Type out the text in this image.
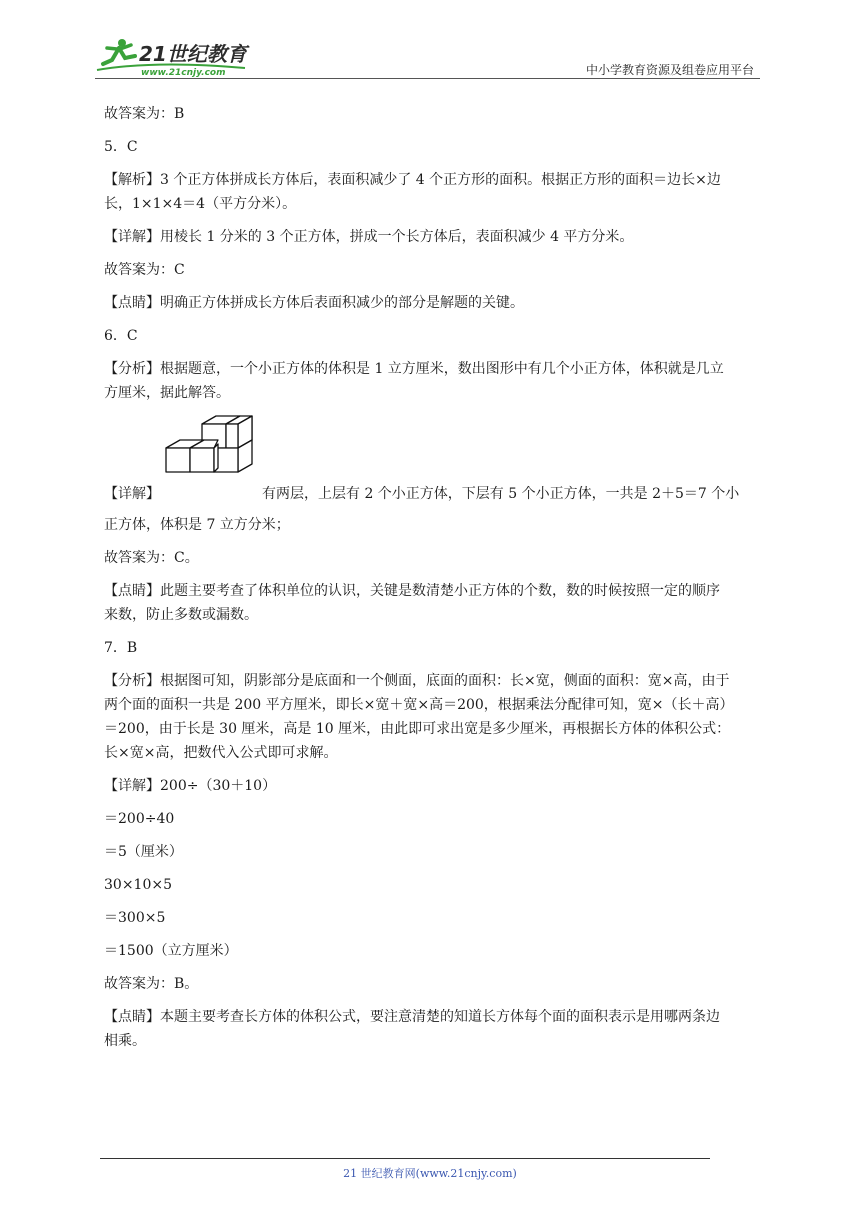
21世纪教育
www.21cnjy.com	中小学教育资源及组卷应用平台

故答案为：B

5．C

【解析】3 个正方体拼成长方体后，表面积减少了 4 个正方形的面积。根据正方形的面积＝边长×边

长，1×1×4＝4（平方分米）。

【详解】用棱长 1 分米的 3 个正方体，拼成一个长方体后，表面积减少 4 平方分米。

故答案为：C

【点睛】明确正方体拼成长方体后表面积减少的部分是解题的关键。

6．C

【分析】根据题意，一个小正方体的体积是 1 立方厘米，数出图形中有几个小正方体，体积就是几立

方厘米，据此解答。

【详解】	有两层，上层有 2 个小正方体，下层有 5 个小正方体，一共是 2＋5＝7 个小

正方体，体积是 7 立方分米；

故答案为：C。

【点睛】此题主要考查了体积单位的认识，关键是数清楚小正方体的个数，数的时候按照一定的顺序

来数，防止多数或漏数。

7．B

【分析】根据图可知，阴影部分是底面和一个侧面，底面的面积：长×宽，侧面的面积：宽×高，由于

两个面的面积一共是 200 平方厘米，即长×宽＋宽×高＝200，根据乘法分配律可知，宽×（长＋高）

＝200，由于长是 30 厘米，高是 10 厘米，由此即可求出宽是多少厘米，再根据长方体的体积公式：

长×宽×高，把数代入公式即可求解。

【详解】200÷（30＋10）

＝200÷40

＝5（厘米）

30×10×5

＝300×5

＝1500（立方厘米）

故答案为：B。

【点睛】本题主要考查长方体的体积公式，要注意清楚的知道长方体每个面的面积表示是用哪两条边

相乘。

21 世纪教育网(www.21cnjy.com)
